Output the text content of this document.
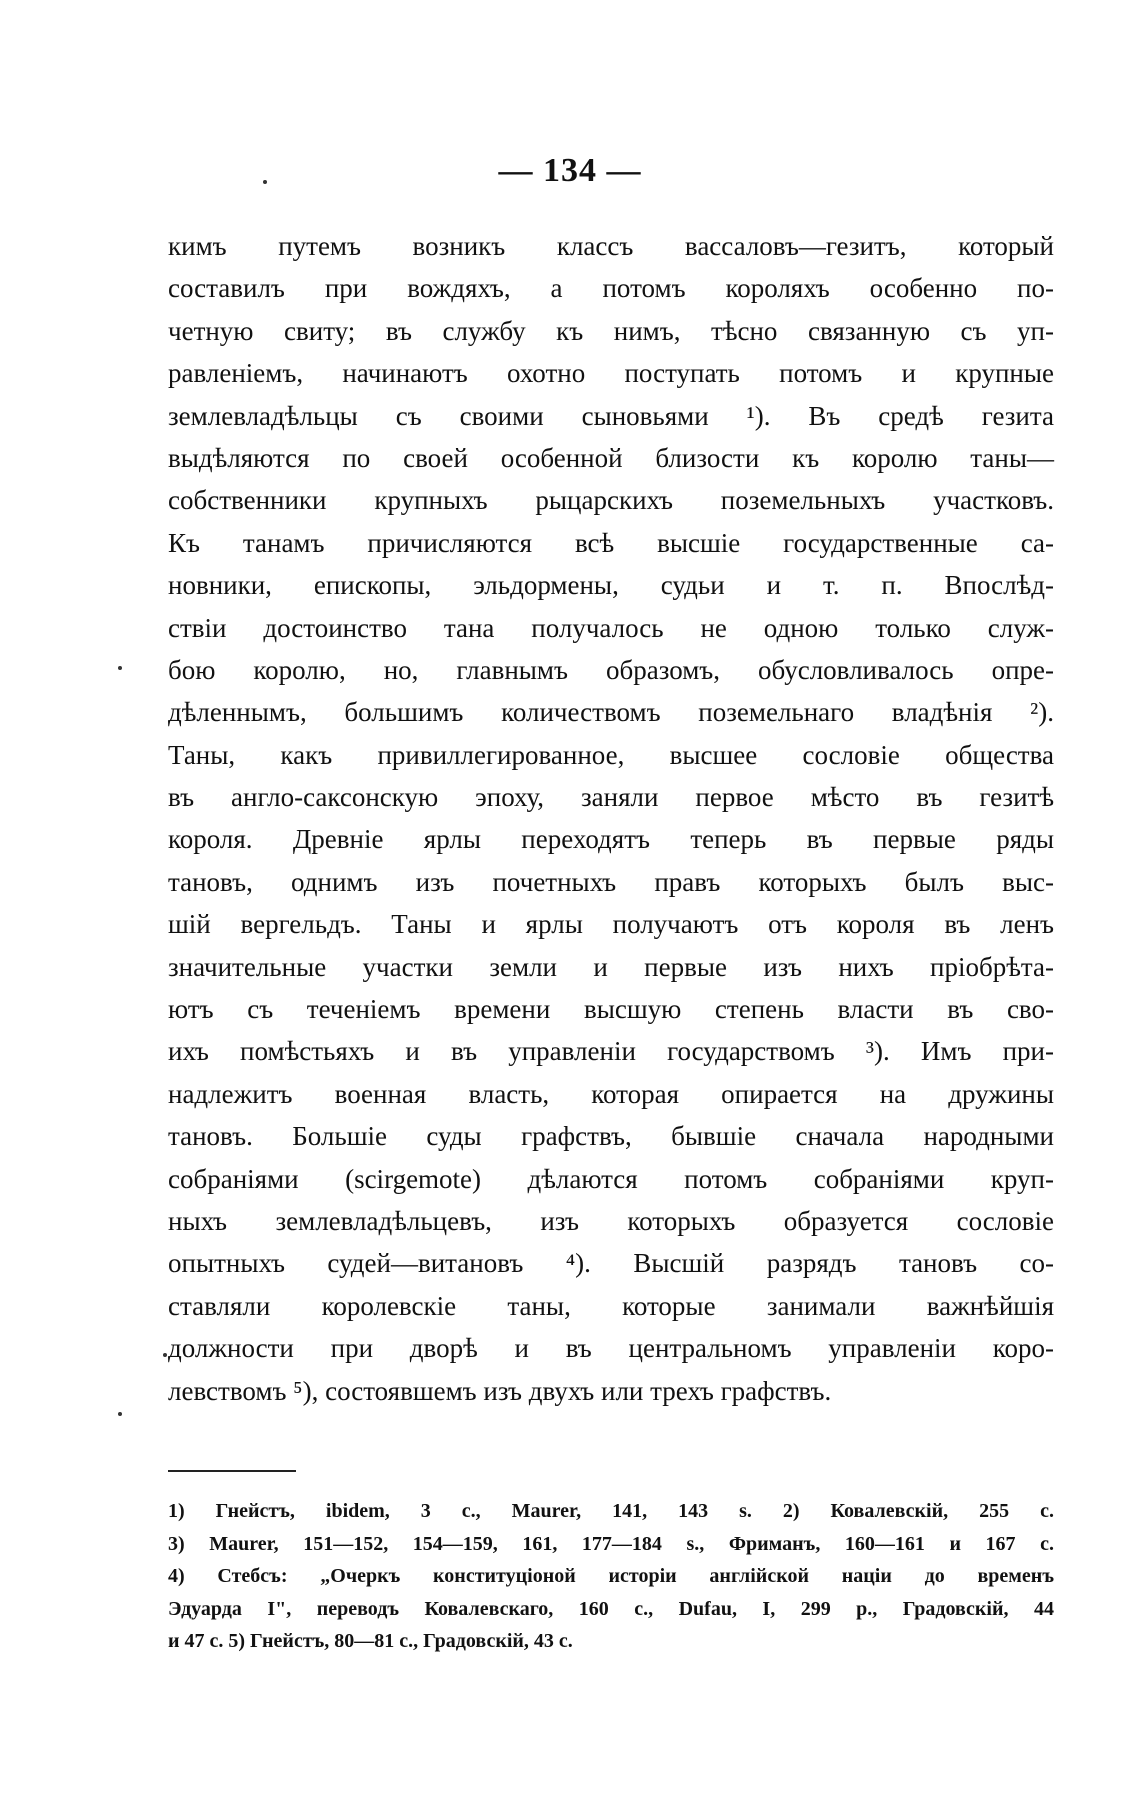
— 134 —
кимъ путемъ возникъ классъ вассаловъ—гезитъ, который
составилъ при вождяхъ, а потомъ короляхъ особенно по-
четную свиту; въ службу къ нимъ, тѣсно связанную съ уп-
равленіемъ, начинаютъ охотно поступать потомъ и крупные
землевладѣльцы съ своими сыновьями ¹). Въ средѣ гезита
выдѣляются по своей особенной близости къ королю таны—
собственники крупныхъ рыцарскихъ поземельныхъ участковъ.
Къ танамъ причисляются всѣ высшіе государственные са-
новники, епископы, эльдормены, судьи и т. п. Впослѣд-
ствіи достоинство тана получалось не одною только служ-
бою королю, но, главнымъ образомъ, обусловливалось опре-
дѣленнымъ, большимъ количествомъ поземельнаго владѣнія ²).
Таны, какъ привиллегированное, высшее сословіе общества
въ англо-саксонскую эпоху, заняли первое мѣсто въ гезитѣ
короля. Древніе ярлы переходятъ теперь въ первые ряды
тановъ, однимъ изъ почетныхъ правъ которыхъ былъ выс-
шій вергельдъ. Таны и ярлы получаютъ отъ короля въ ленъ
значительные участки земли и первые изъ нихъ пріобрѣта-
ютъ съ теченіемъ времени высшую степень власти въ сво-
ихъ помѣстьяхъ и въ управленіи государствомъ ³). Имъ при-
надлежитъ военная власть, которая опирается на дружины
тановъ. Большіе суды графствъ, бывшіе сначала народными
собраніями (scirgemote) дѣлаются потомъ собраніями круп-
ныхъ землевладѣльцевъ, изъ которыхъ образуется сословіе
опытныхъ судей—витановъ ⁴). Высшій разрядъ тановъ со-
ставляли королевскіе таны, которые занимали важнѣйшія
должности при дворѣ и въ центральномъ управленіи коро-
левствомъ ⁵), состоявшемъ изъ двухъ или трехъ графствъ.
1) Гнейстъ, ibidem, 3 с., Maurer, 141, 143 s. 2) Ковалевскій, 255 с.
3) Maurer, 151—152, 154—159, 161, 177—184 s., Фриманъ, 160—161 и 167 с.
4) Стебсъ: „Очеркъ конституціоной исторіи англійской націи до временъ
Эдуарда I", переводъ Ковалевскаго, 160 с., Dufau, I, 299 p., Градовскій, 44
и 47 с. 5) Гнейстъ, 80—81 с., Градовскій, 43 с.
